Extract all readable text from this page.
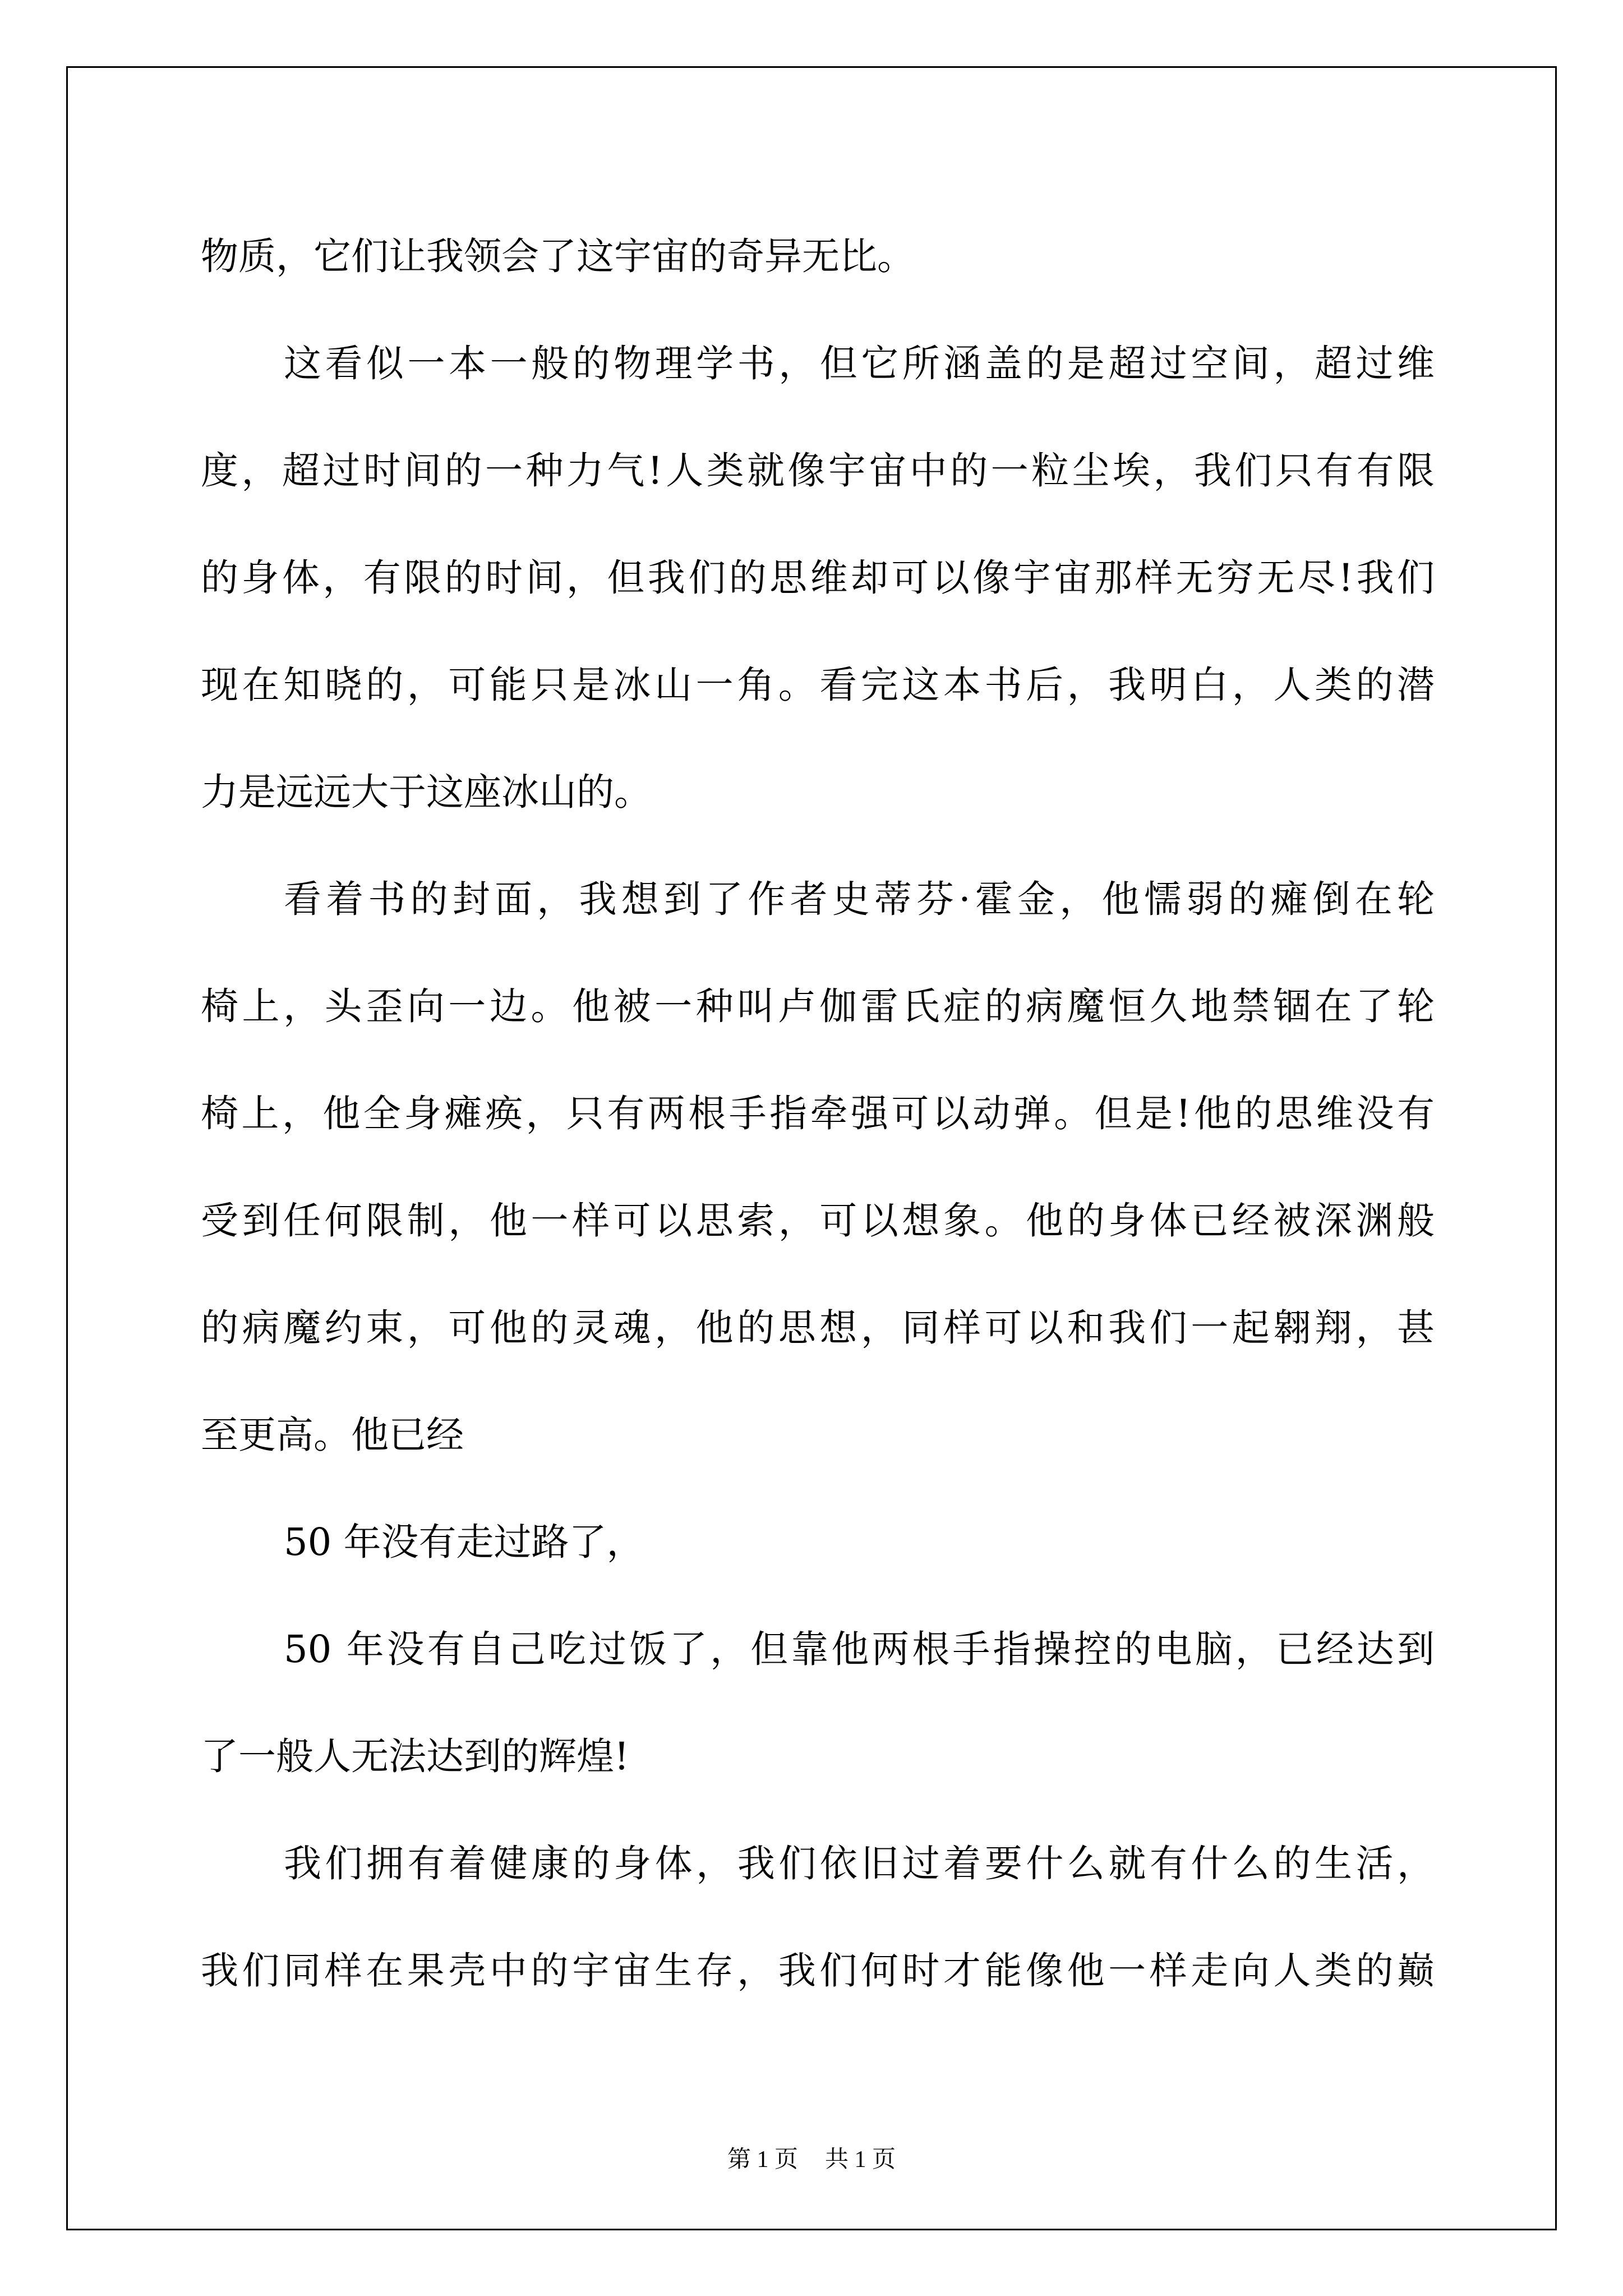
物质，它们让我领会了这宇宙的奇异无比。
这看似一本一般的物理学书，但它所涵盖的是超过空间，超过维
度，超过时间的一种力气!人类就像宇宙中的一粒尘埃，我们只有有限
的身体，有限的时间，但我们的思维却可以像宇宙那样无穷无尽!我们
现在知晓的，可能只是冰山一角。看完这本书后，我明白，人类的潜
力是远远大于这座冰山的。
看着书的封面，我想到了作者史蒂芬·霍金，他懦弱的瘫倒在轮
椅上，头歪向一边。他被一种叫卢伽雷氏症的病魔恒久地禁锢在了轮
椅上，他全身瘫痪，只有两根手指牵强可以动弹。但是!他的思维没有
受到任何限制，他一样可以思索，可以想象。他的身体已经被深渊般
的病魔约束，可他的灵魂，他的思想，同样可以和我们一起翱翔，甚
至更高。他已经
50 年没有走过路了，
50 年没有自己吃过饭了，但靠他两根手指操控的电脑，已经达到
了一般人无法达到的辉煌!
我们拥有着健康的身体，我们依旧过着要什么就有什么的生活，
我们同样在果壳中的宇宙生存，我们何时才能像他一样走向人类的巅
第 1 页 共 1 页
